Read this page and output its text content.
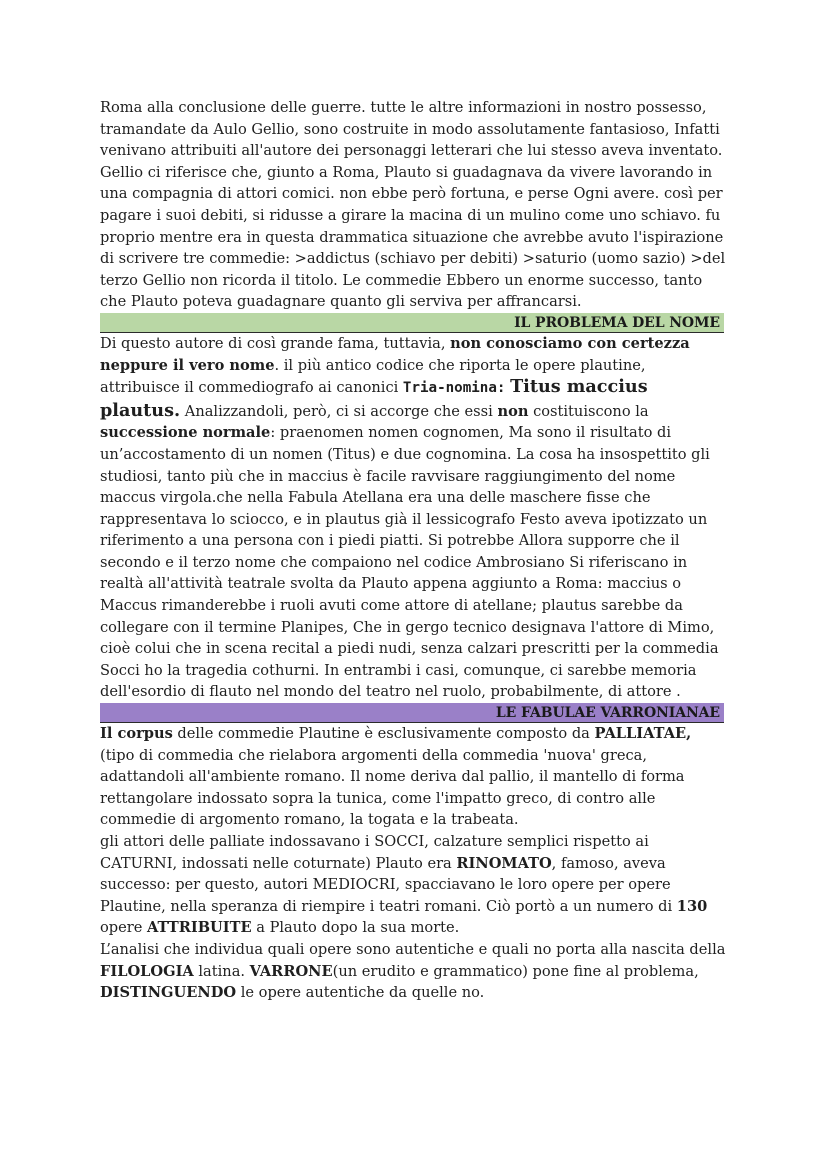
Roma alla conclusione delle guerre. tutte le altre informazioni in nostro possesso, tramandate da Aulo Gellio, sono costruite in modo assolutamente fantasioso, Infatti venivano attribuiti all'autore dei personaggi letterari che lui stesso aveva inventato. Gellio ci riferisce che, giunto a Roma, Plauto si guadagnava da vivere lavorando in una compagnia di attori comici. non ebbe però fortuna, e perse Ogni avere. così per pagare i suoi debiti, si ridusse a girare la macina di un mulino come uno schiavo. fu proprio mentre era in questa drammatica situazione che avrebbe avuto l'ispirazione di scrivere tre commedie: >addictus (schiavo per debiti) >saturio (uomo sazio) >del terzo Gellio non ricorda il titolo. Le commedie Ebbero un enorme successo, tanto che Plauto poteva guadagnare quanto gli serviva per affrancarsi.

IL PROBLEMA DEL NOME

Di questo autore di così grande fama, tuttavia, non conosciamo con certezza neppure il vero nome. il più antico codice che riporta le opere plautine, attribuisce il commediografo ai canonici Tria-nomina: Titus maccius plautus. Analizzandoli, però, ci si accorge che essi non costituiscono la successione normale: praenomen nomen cognomen, Ma sono il risultato di un’accostamento di un nomen (Titus) e due cognomina. La cosa ha insospettito gli studiosi, tanto più che in maccius è facile ravvisare raggiungimento del nome maccus virgola.che nella Fabula Atellana era una delle maschere fisse che rappresentava lo sciocco, e in plautus già il lessicografo Festo aveva ipotizzato un riferimento a una persona con i piedi piatti. Si potrebbe Allora supporre che il secondo e il terzo nome che compaiono nel codice Ambrosiano Si riferiscano in realtà all'attività teatrale svolta da Plauto appena aggiunto a Roma: maccius o Maccus rimanderebbe i ruoli avuti come attore di atellane; plautus sarebbe da collegare con il termine Planipes, Che in gergo tecnico designava l'attore di Mimo, cioè colui che in scena recital a piedi nudi, senza calzari prescritti per la commedia Socci ho la tragedia cothurni. In entrambi i casi, comunque, ci sarebbe memoria dell'esordio di flauto nel mondo del teatro nel ruolo, probabilmente, di attore .

LE FABULAE VARRONIANAE

Il corpus delle commedie Plautine è esclusivamente composto da PALLIATAE, (tipo di commedia che rielabora argomenti della commedia 'nuova' greca, adattandoli all'ambiente romano. Il nome deriva dal pallio, il mantello di forma rettangolare indossato sopra la tunica, come l'impatto greco, di contro alle commedie di argomento romano, la togata e la trabeata.

gli attori delle palliate indossavano i SOCCI, calzature semplici rispetto ai CATURNI, indossati nelle coturnate) Plauto era RINOMATO, famoso, aveva successo: per questo, autori MEDIOCRI, spacciavano le loro opere per opere Plautine, nella speranza di riempire i teatri romani. Ciò portò a un numero di 130 opere ATTRIBUITE a Plauto dopo la sua morte.

L’analisi che individua quali opere sono autentiche e quali no porta alla nascita della FILOLOGIA latina. VARRONE(un erudito e grammatico) pone fine al problema, DISTINGUENDO le opere autentiche da quelle no.
